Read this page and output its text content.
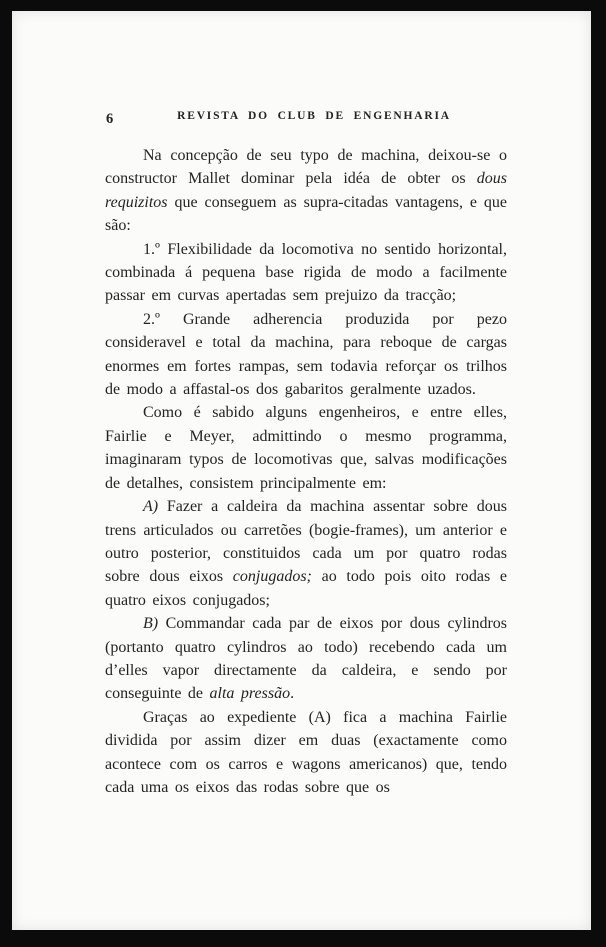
6	REVISTA DO CLUB DE ENGENHARIA

Na concepção de seu typo de machina, deixou-se o constructor Mallet dominar pela idéa de obter os dous requizitos que conseguem as supra-citadas vantagens, e que são:

1.º Flexibilidade da locomotiva no sentido horizontal, combinada á pequena base rigida de modo a facilmente passar em curvas apertadas sem prejuizo da tracção;

2.º Grande adherencia produzida por pezo consideravel e total da machina, para reboque de cargas enormes em fortes rampas, sem todavia reforçar os trilhos de modo a affastal-os dos gabaritos geralmente uzados.

Como é sabido alguns engenheiros, e entre elles, Fairlie e Meyer, admittindo o mesmo programma, imaginaram typos de locomotivas que, salvas modificações de detalhes, consistem principalmente em:

A) Fazer a caldeira da machina assentar sobre dous trens articulados ou carretões (bogie-frames), um anterior e outro posterior, constituidos cada um por quatro rodas sobre dous eixos conjugados; ao todo pois oito rodas e quatro eixos conjugados;

B) Commandar cada par de eixos por dous cylindros (portanto quatro cylindros ao todo) recebendo cada um d’elles vapor directamente da caldeira, e sendo por conseguinte de alta pressão.

Graças ao expediente (A) fica a machina Fairlie dividida por assim dizer em duas (exactamente como acontece com os carros e wagons americanos) que, tendo cada uma os eixos das rodas sobre que os
